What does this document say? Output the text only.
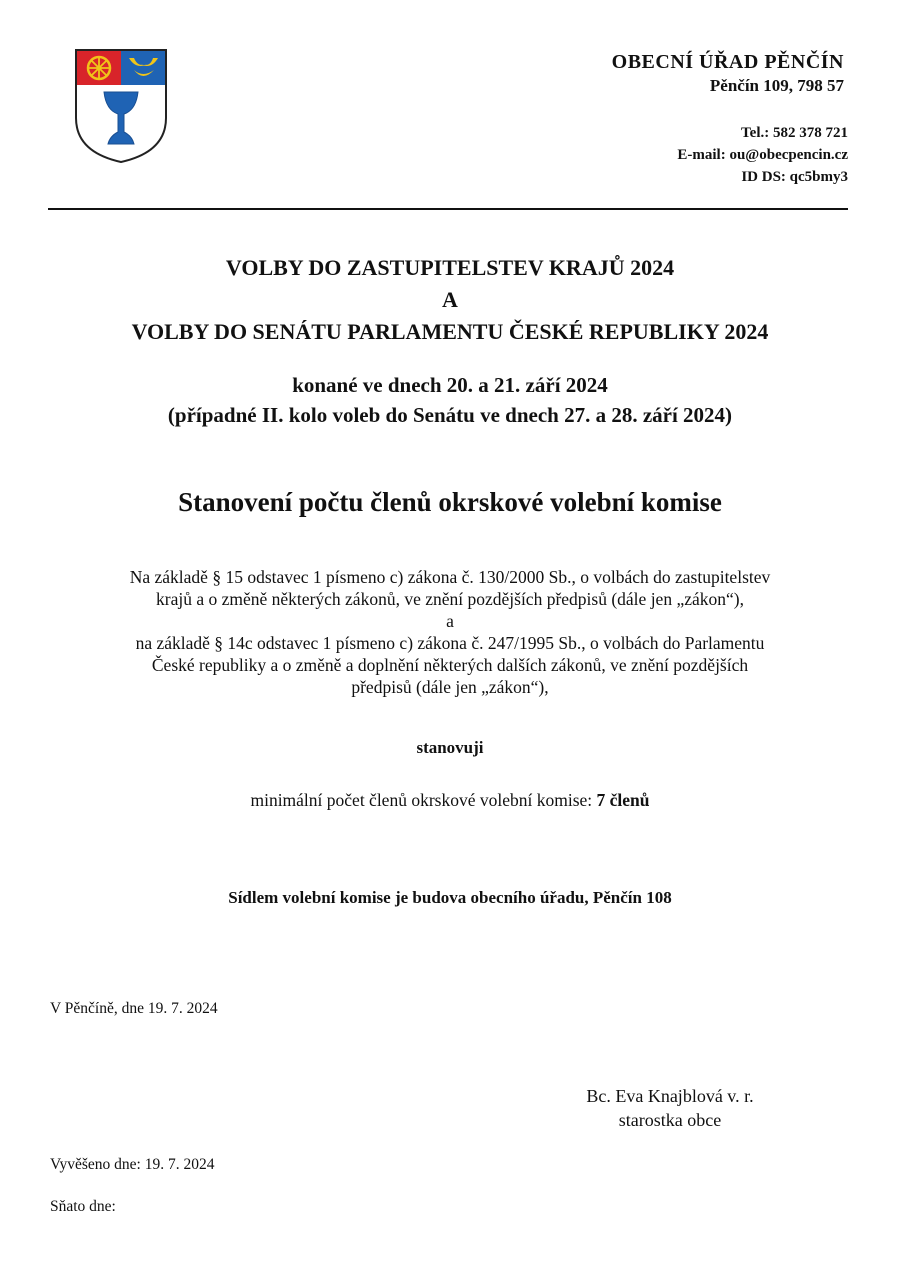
OBECNÍ ÚŘAD PĚNČÍN
Pěnčín 109, 798 57
Tel.: 582 378 721
E-mail: ou@obecpencin.cz
ID DS: qc5bmy3
VOLBY DO ZASTUPITELSTEV KRAJŮ 2024
A
VOLBY DO SENÁTU PARLAMENTU ČESKÉ REPUBLIKY 2024
konané ve dnech 20. a 21. září 2024
(případné II. kolo voleb do Senátu ve dnech 27. a 28. září 2024)
Stanovení počtu členů okrskové volební komise
Na základě § 15 odstavec 1 písmeno c) zákona č. 130/2000 Sb., o volbách do zastupitelstev
krajů a o změně některých zákonů, ve znění pozdějších předpisů (dále jen „zákon“),
a
na základě § 14c odstavec 1 písmeno c) zákona č. 247/1995 Sb., o volbách do Parlamentu
České republiky a o změně a doplnění některých dalších zákonů, ve znění pozdějších
předpisů (dále jen „zákon“),
stanovuji
minimální počet členů okrskové volební komise: 7 členů
Sídlem volební komise je budova obecního úřadu, Pěnčín 108
V Pěnčíně, dne 19. 7. 2024
Bc. Eva Knajblová v. r.
starostka obce
Vyvěšeno dne: 19. 7. 2024
Sňato dne:
